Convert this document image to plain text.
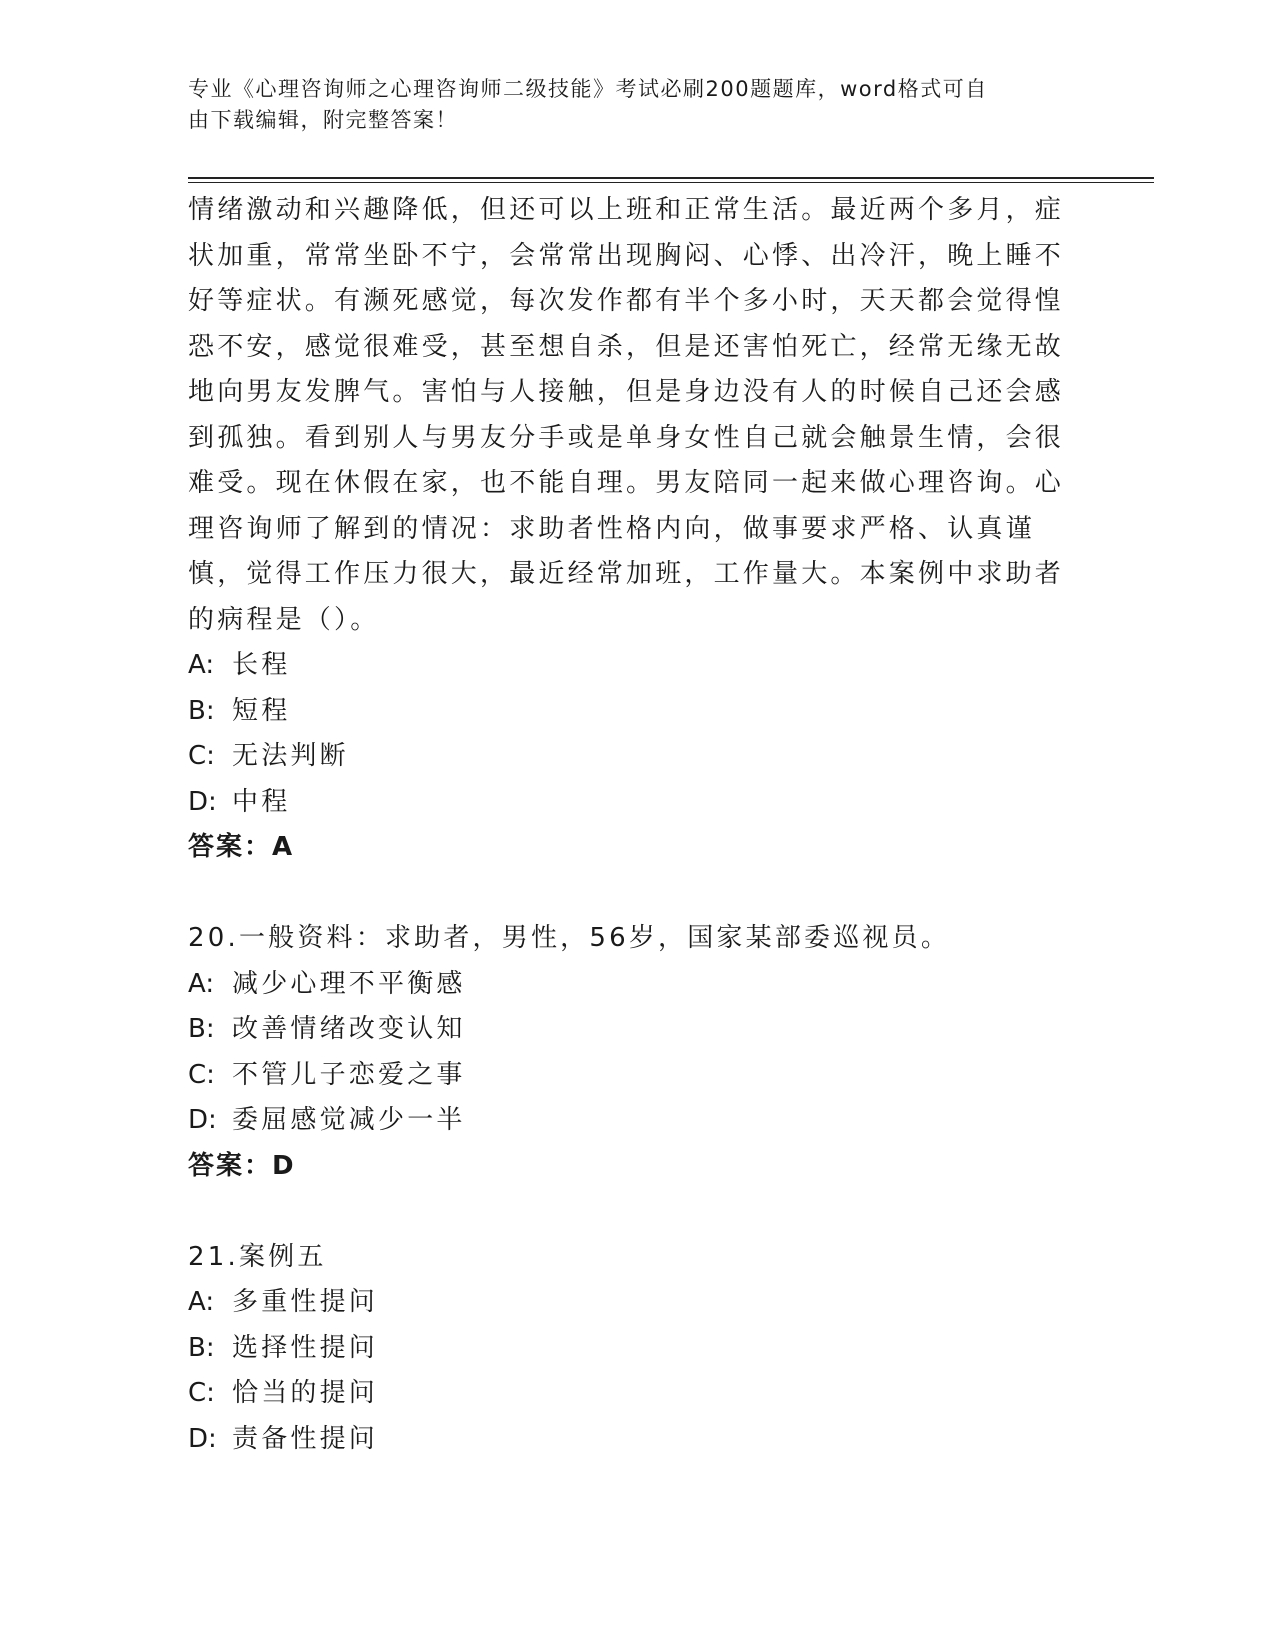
专业《心理咨询师之心理咨询师二级技能》考试必刷200题题库，word格式可自
由下载编辑，附完整答案！

情绪激动和兴趣降低，但还可以上班和正常生活。最近两个多月，症状加重，常常坐卧不宁，会常常出现胸闷、心悸、出冷汗，晚上睡不好等症状。有濒死感觉，每次发作都有半个多小时，天天都会觉得惶恐不安，感觉很难受，甚至想自杀，但是还害怕死亡，经常无缘无故地向男友发脾气。害怕与人接触，但是身边没有人的时候自己还会感到孤独。看到别人与男友分手或是单身女性自己就会触景生情，会很难受。现在休假在家，也不能自理。男友陪同一起来做心理咨询。心理咨询师了解到的情况：求助者性格内向，做事要求严格、认真谨慎，觉得工作压力很大，最近经常加班，工作量大。本案例中求助者的病程是（）。

A: 长程

B: 短程

C: 无法判断

D: 中程

答案：A

20.一般资料：求助者，男性，56岁，国家某部委巡视员。

A: 减少心理不平衡感

B: 改善情绪改变认知

C: 不管儿子恋爱之事

D: 委屈感觉减少一半

答案：D

21.案例五

A: 多重性提问

B: 选择性提问

C: 恰当的提问

D: 责备性提问
